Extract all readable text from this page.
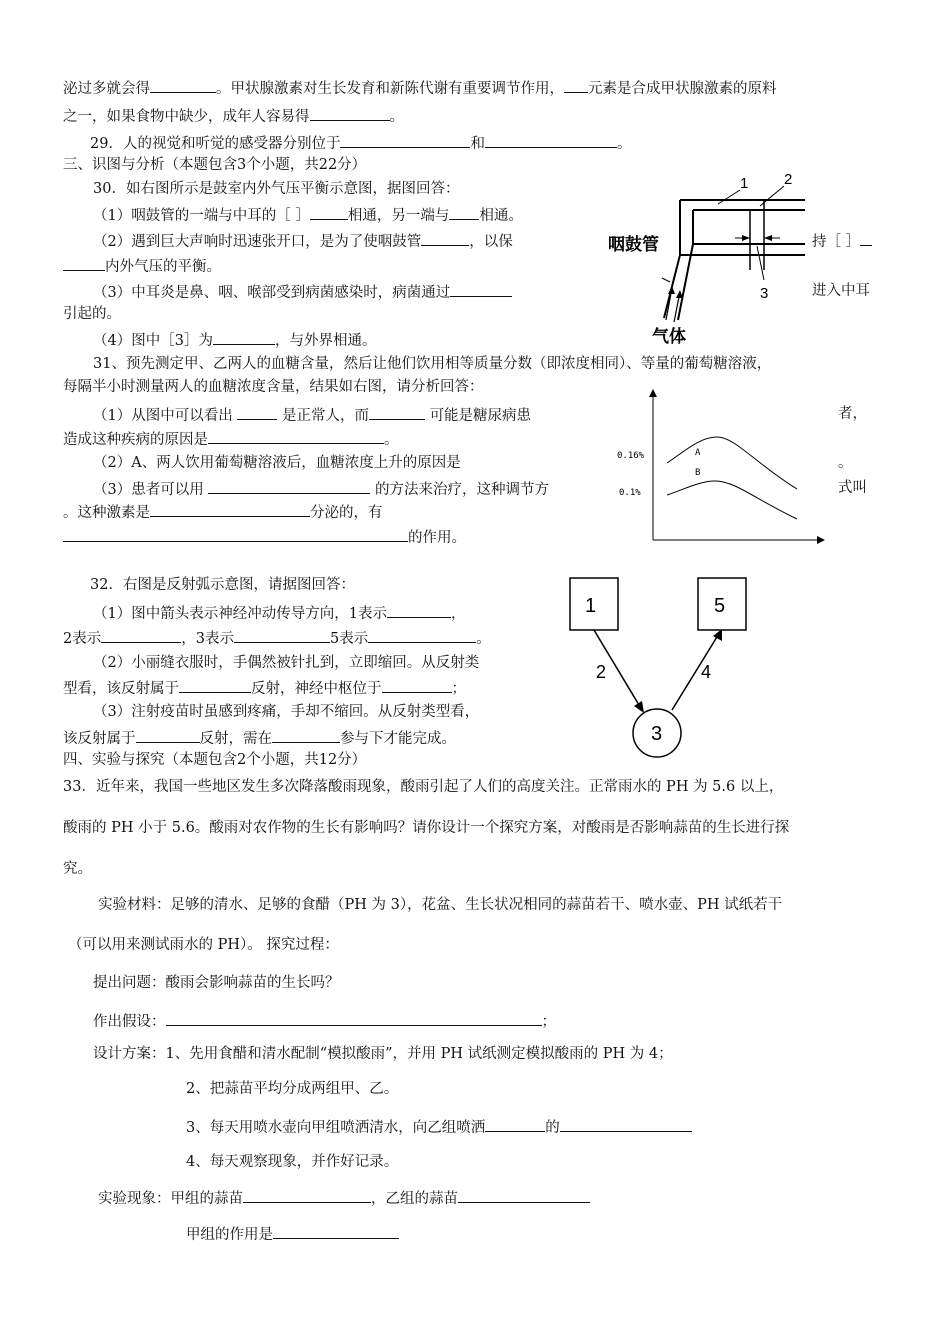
泌过多就会得	。甲状腺激素对生长发育和新陈代谢有重要调节作用， 元素是合成甲状腺激素的原料
之一，如果食物中缺少，成年人容易得	。
29．人的视觉和听觉的感受器分别位于	和	。
三、识图与分析（本题包含3个小题，共22分）
30．如右图所示是鼓室内外气压平衡示意图，据图回答：
（1）咽鼓管的一端与中耳的［ ］	相通，另一端与 相通。
（2）遇到巨大声响时迅速张开口，是为了使咽鼓管	，以保	持［ ］
内外气压的平衡。
（3）中耳炎是鼻、咽、喉部受到病菌感染时，病菌通过	进入中耳
引起的。
（4）图中［3］为	，与外界相通。
31、预先测定甲、乙两人的血糖含量，然后让他们饮用相等质量分数（即浓度相同）、等量的葡萄糖溶液，
每隔半小时测量两人的血糖浓度含量，结果如右图，请分析回答：
（1）从图中可以看出	是正常人，而	可能是糖尿病患	者，
造成这种疾病的原因是	。
（2）A、两人饮用葡萄糖溶液后，血糖浓度上升的原因是	。
（3）患者可以用	的方法来治疗，这种调节方	式叫
。这种激素是	分泌的，有
的作用。
32．右图是反射弧示意图，请据图回答：
（1）图中箭头表示神经冲动传导方向，1表示	，
2表示	，3表示	5表示	。
（2）小丽缝衣服时，手偶然被针扎到，立即缩回。从反射类
型看，该反射属于	反射，神经中枢位于	；
（3）注射疫苗时虽感到疼痛，手却不缩回。从反射类型看，
该反射属于	反射，需在	参与下才能完成。
四、实验与探究（本题包含2个小题，共12分）
33．近年来，我国一些地区发生多次降落酸雨现象，酸雨引起了人们的高度关注。正常雨水的 PH 为 5.6 以上，
酸雨的 PH 小于 5.6。酸雨对农作物的生长有影响吗？请你设计一个探究方案，对酸雨是否影响蒜苗的生长进行探
究。
实验材料：足够的清水、足够的食醋（PH 为 3），花盆、生长状况相同的蒜苗若干、喷水壶、PH 试纸若干
（可以用来测试雨水的 PH）。 探究过程：
提出问题：酸雨会影响蒜苗的生长吗？
作出假设：	；
设计方案：1、先用食醋和清水配制“模拟酸雨”，并用 PH 试纸测定模拟酸雨的 PH 为 4；
2、把蒜苗平均分成两组甲、乙。
3、每天用喷水壶向甲组喷洒清水，向乙组喷洒	的
4、每天观察现象，并作好记录。
实验现象：甲组的蒜苗	，乙组的蒜苗
甲组的作用是
1 2
3
咽鼓管
气体
0.16%
0.1%
A
B
1	5
3
2	4
